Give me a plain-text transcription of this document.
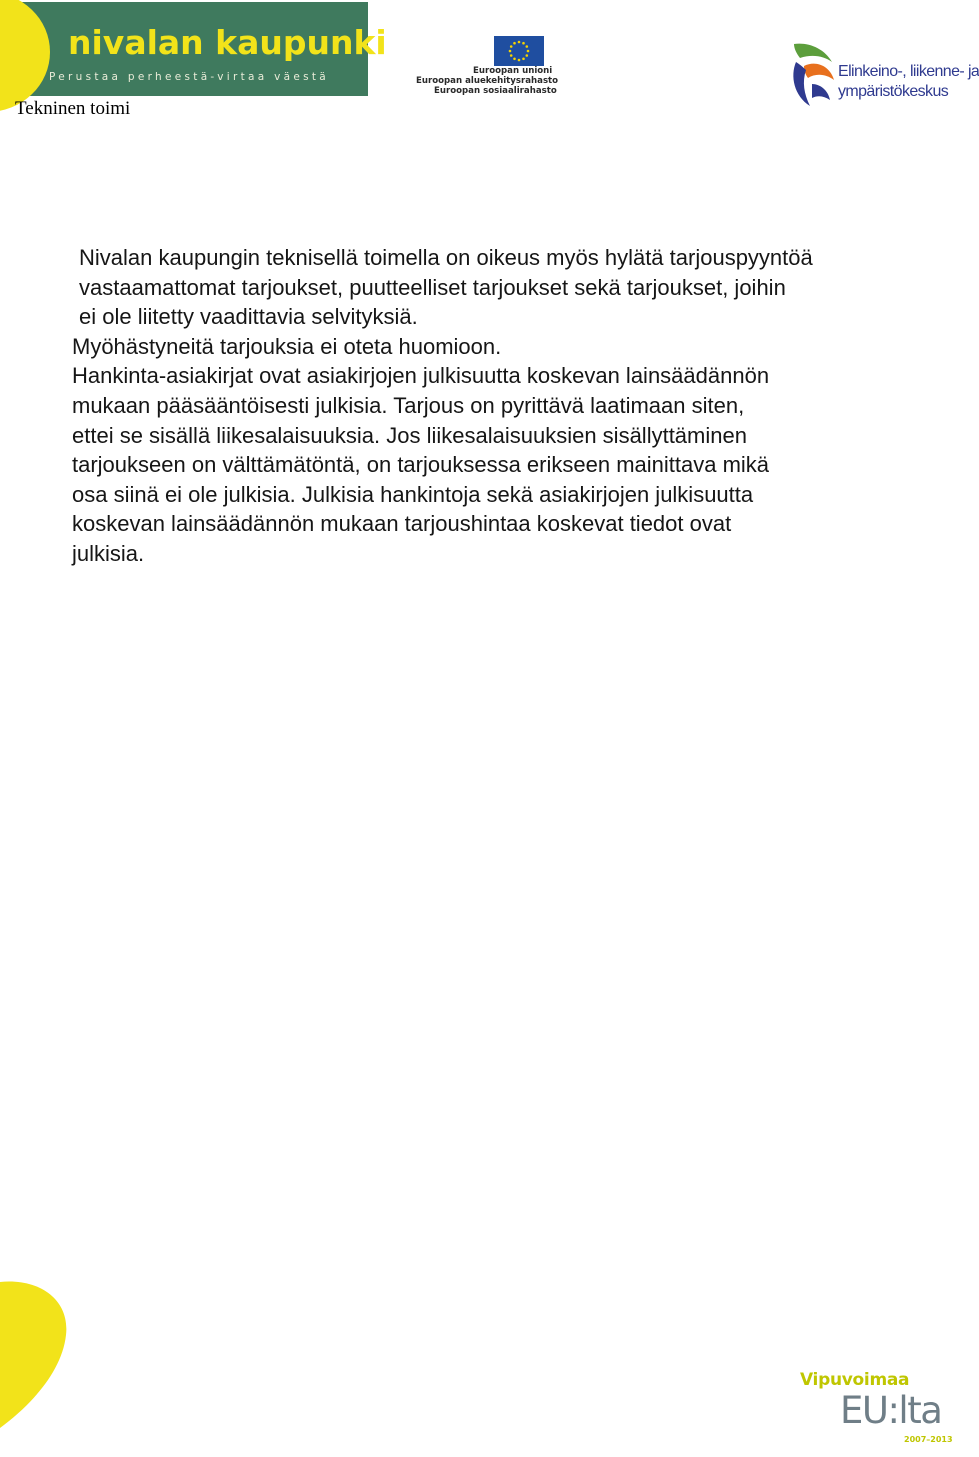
nivalan kaupunki
Perustaa perheestä-virtaa väestä
Tekninen toimi
Euroopan unioni
Euroopan aluekehitysrahasto
Euroopan sosiaalirahasto
Elinkeino-, liikenne- ja
ympäristökeskus

Nivalan kaupungin teknisellä toimella on oikeus myös hylätä tarjouspyyntöä

vastaamattomat tarjoukset, puutteelliset tarjoukset sekä tarjoukset, joihin

ei ole liitetty vaadittavia selvityksiä.

Myöhästyneitä tarjouksia ei oteta huomioon.

Hankinta-asiakirjat ovat asiakirjojen julkisuutta koskevan lainsäädännön

mukaan pääsääntöisesti julkisia. Tarjous on pyrittävä laatimaan siten,

ettei se sisällä liikesalaisuuksia. Jos liikesalaisuuksien sisällyttäminen

tarjoukseen on välttämätöntä, on tarjouksessa erikseen mainittava mikä

osa siinä ei ole julkisia. Julkisia hankintoja sekä asiakirjojen julkisuutta

koskevan lainsäädännön mukaan tarjoushintaa koskevat tiedot ovat

julkisia.

Vipuvoimaa
EU:lta
2007–2013
